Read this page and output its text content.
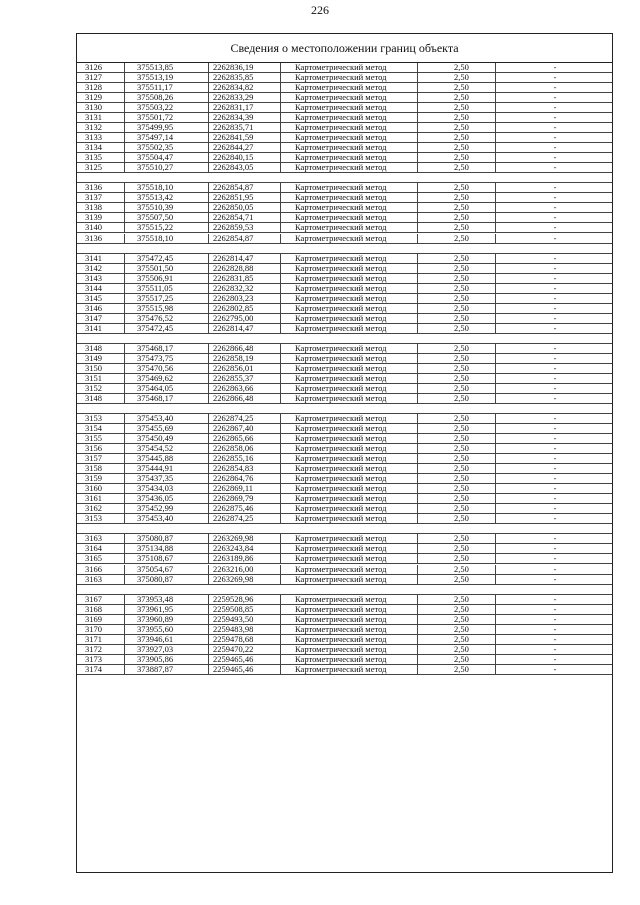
226
Сведения о местоположении границ объекта
3126	375513,85	2262836,19	Картометрический метод	2,50	-
3127	375513,19	2262835,85	Картометрический метод	2,50	-
3128	375511,17	2262834,82	Картометрический метод	2,50	-
3129	375508,26	2262833,29	Картометрический метод	2,50	-
3130	375503,22	2262831,17	Картометрический метод	2,50	-
3131	375501,72	2262834,39	Картометрический метод	2,50	-
3132	375499,95	2262835,71	Картометрический метод	2,50	-
3133	375497,14	2262841,59	Картометрический метод	2,50	-
3134	375502,35	2262844,27	Картометрический метод	2,50	-
3135	375504,47	2262840,15	Картометрический метод	2,50	-
3125	375510,27	2262843,05	Картометрический метод	2,50	-
3136	375518,10	2262854,87	Картометрический метод	2,50	-
3137	375513,42	2262851,95	Картометрический метод	2,50	-
3138	375510,39	2262850,05	Картометрический метод	2,50	-
3139	375507,50	2262854,71	Картометрический метод	2,50	-
3140	375515,22	2262859,53	Картометрический метод	2,50	-
3136	375518,10	2262854,87	Картометрический метод	2,50	-
3141	375472,45	2262814,47	Картометрический метод	2,50	-
3142	375501,50	2262828,88	Картометрический метод	2,50	-
3143	375506,91	2262831,85	Картометрический метод	2,50	-
3144	375511,05	2262832,32	Картометрический метод	2,50	-
3145	375517,25	2262803,23	Картометрический метод	2,50	-
3146	375515,98	2262802,85	Картометрический метод	2,50	-
3147	375476,52	2262795,00	Картометрический метод	2,50	-
3141	375472,45	2262814,47	Картометрический метод	2,50	-
3148	375468,17	2262866,48	Картометрический метод	2,50	-
3149	375473,75	2262858,19	Картометрический метод	2,50	-
3150	375470,56	2262856,01	Картометрический метод	2,50	-
3151	375469,62	2262855,37	Картометрический метод	2,50	-
3152	375464,05	2262863,66	Картометрический метод	2,50	-
3148	375468,17	2262866,48	Картометрический метод	2,50	-
3153	375453,40	2262874,25	Картометрический метод	2,50	-
3154	375455,69	2262867,40	Картометрический метод	2,50	-
3155	375450,49	2262865,66	Картометрический метод	2,50	-
3156	375454,52	2262858,06	Картометрический метод	2,50	-
3157	375445,88	2262855,16	Картометрический метод	2,50	-
3158	375444,91	2262854,83	Картометрический метод	2,50	-
3159	375437,35	2262864,76	Картометрический метод	2,50	-
3160	375434,03	2262869,11	Картометрический метод	2,50	-
3161	375436,05	2262869,79	Картометрический метод	2,50	-
3162	375452,99	2262875,46	Картометрический метод	2,50	-
3153	375453,40	2262874,25	Картометрический метод	2,50	-
3163	375080,87	2263269,98	Картометрический метод	2,50	-
3164	375134,88	2263243,84	Картометрический метод	2,50	-
3165	375108,67	2263189,86	Картометрический метод	2,50	-
3166	375054,67	2263216,00	Картометрический метод	2,50	-
3163	375080,87	2263269,98	Картометрический метод	2,50	-
3167	373953,48	2259528,96	Картометрический метод	2,50	-
3168	373961,95	2259508,85	Картометрический метод	2,50	-
3169	373960,89	2259493,50	Картометрический метод	2,50	-
3170	373955,60	2259483,98	Картометрический метод	2,50	-
3171	373946,61	2259478,68	Картометрический метод	2,50	-
3172	373927,03	2259470,22	Картометрический метод	2,50	-
3173	373905,86	2259465,46	Картометрический метод	2,50	-
3174	373887,87	2259465,46	Картометрический метод	2,50	-
